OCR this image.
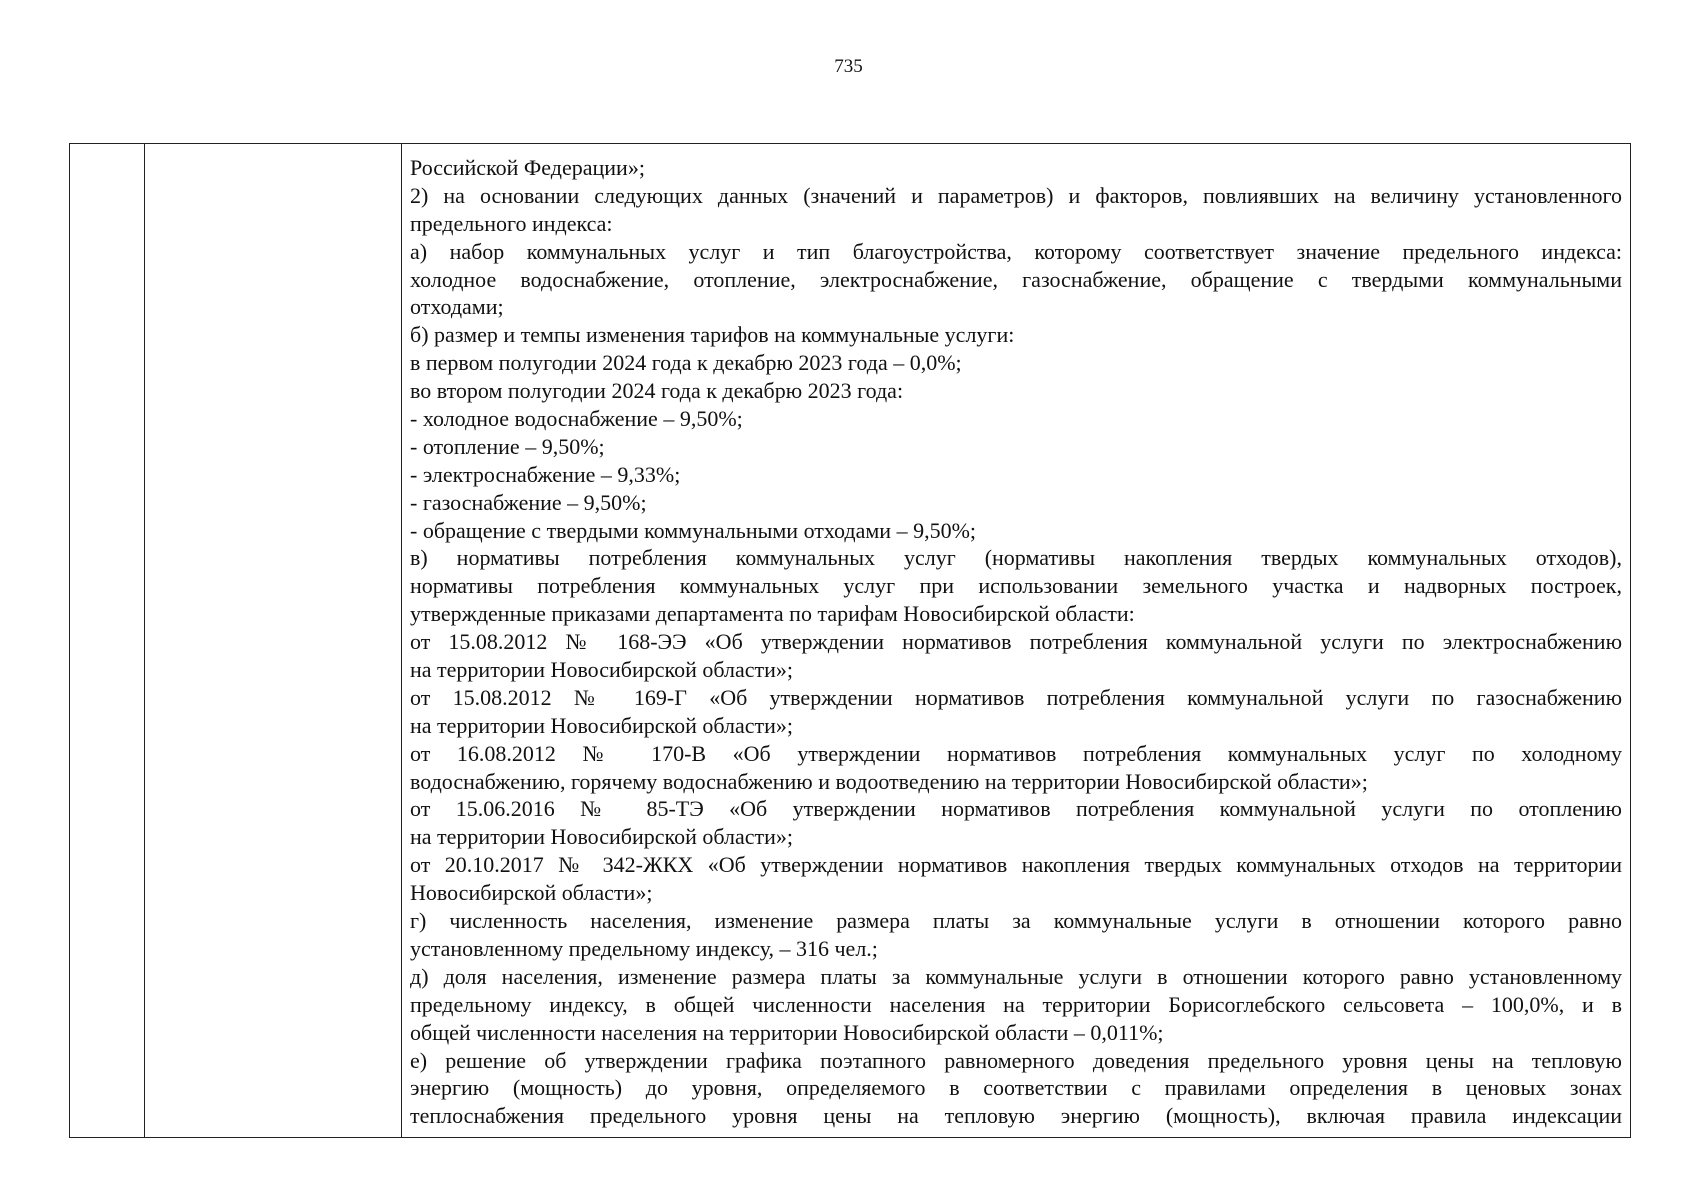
735
Российской Федерации»;
2) на основании следующих данных (значений и параметров) и факторов, повлиявших на величину установленного
предельного индекса:
а) набор коммунальных услуг и тип благоустройства, которому соответствует значение предельного индекса:
холодное водоснабжение, отопление, электроснабжение, газоснабжение, обращение с твердыми коммунальными
отходами;
б) размер и темпы изменения тарифов на коммунальные услуги:
в первом полугодии 2024 года к декабрю 2023 года – 0,0%;
во втором полугодии 2024 года к декабрю 2023 года:
- холодное водоснабжение – 9,50%;
- отопление – 9,50%;
- электроснабжение – 9,33%;
- газоснабжение – 9,50%;
- обращение с твердыми коммунальными отходами – 9,50%;
в) нормативы потребления коммунальных услуг (нормативы накопления твердых коммунальных отходов),
нормативы потребления коммунальных услуг при использовании земельного участка и надворных построек,
утвержденные приказами департамента по тарифам Новосибирской области:
от 15.08.2012 № 168-ЭЭ «Об утверждении нормативов потребления коммунальной услуги по электроснабжению
на территории Новосибирской области»;
от 15.08.2012 № 169-Г «Об утверждении нормативов потребления коммунальной услуги по газоснабжению
на территории Новосибирской области»;
от 16.08.2012 № 170-В «Об утверждении нормативов потребления коммунальных услуг по холодному
водоснабжению, горячему водоснабжению и водоотведению на территории Новосибирской области»;
от 15.06.2016 № 85-ТЭ «Об утверждении нормативов потребления коммунальной услуги по отоплению
на территории Новосибирской области»;
от 20.10.2017 № 342-ЖКХ «Об утверждении нормативов накопления твердых коммунальных отходов на территории
Новосибирской области»;
г) численность населения, изменение размера платы за коммунальные услуги в отношении которого равно
установленному предельному индексу, – 316 чел.;
д) доля населения, изменение размера платы за коммунальные услуги в отношении которого равно установленному
предельному индексу, в общей численности населения на территории Борисоглебского сельсовета – 100,0%, и в
общей численности населения на территории Новосибирской области – 0,011%;
е) решение об утверждении графика поэтапного равномерного доведения предельного уровня цены на тепловую
энергию (мощность) до уровня, определяемого в соответствии с правилами определения в ценовых зонах
теплоснабжения предельного уровня цены на тепловую энергию (мощность), включая правила индексации
